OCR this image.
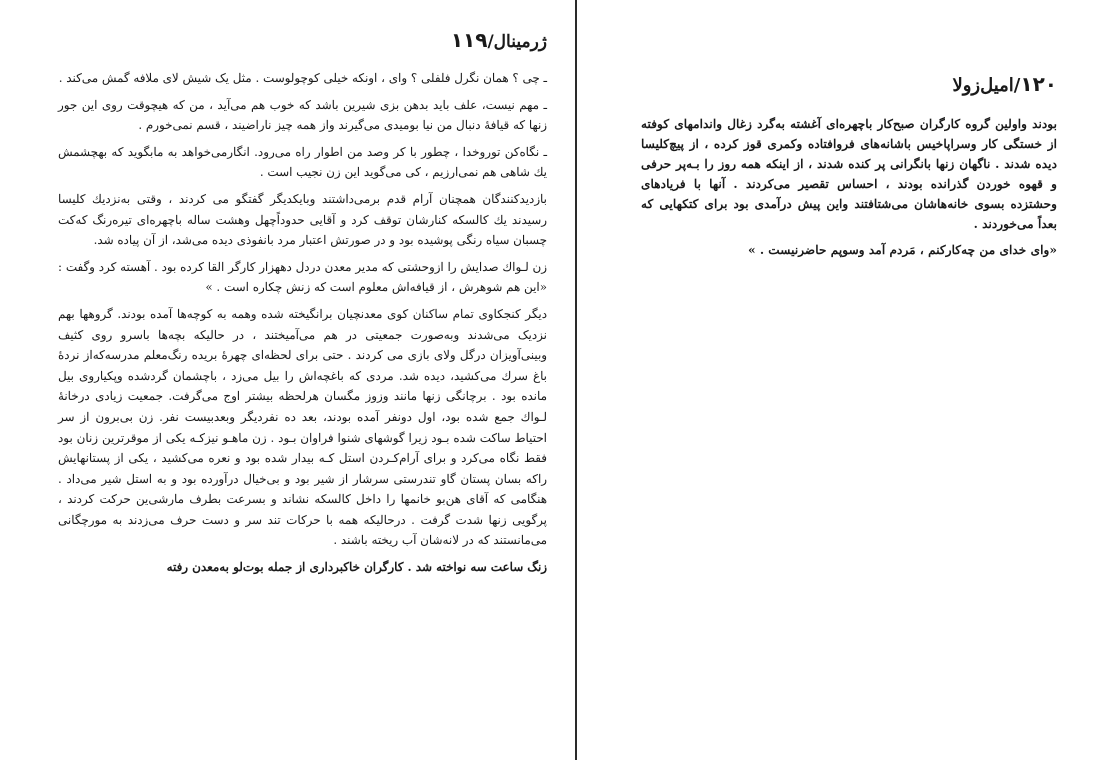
ژرمینال/۱۱۹

ـ چی ؟ همان نگرل فلفلی ؟ وای ، اونکه خیلی کوچولوست . مثل یک شیش لای ملافه گمش می‌کند .

ـ مهم نیست، علف باید بدهن بزی شیرین باشد که خوب هم می‌آید ، من که هیچوقت روی این جور زنها که قیافهٔ دنبال من نیا بومیدی می‌گیرند واز همه چیز ناراضیند ، قسم نمی‌خورم .

ـ نگاه‌کن توروخدا ، چطور با کر وصد من اطوار راه می‌رود. انگارمی‌خواهد به مابگوید که بهچشمش یك شاهی هم نمی‌ارزیم ، کی می‌گوید این زن نجیب است .

بازدیدکنندگان همچنان آرام قدم برمی‌داشتند وبایکدیگر گفتگو می کردند ، وقتی به‌نزدیك کلیسا رسیدند یك کالسکه کنارشان توقف کرد و آقایی حدوداًچهل وهشت ساله باچهره‌ای تیره‌رنگ که‌کت چسبان سیاه رنگی پوشیده بود و در صورتش اعتبار مرد بانفوذی دیده می‌شد، از آن پیاده شد.

زن لـواك صدایش را ازوحشتی که مدیر معدن دردل دههزار کارگر القا کرده بود . آهسته کرد وگفت : «این هم شوهرش ، از قیافه‌اش معلوم است که زنش چکاره است . »

دیگر کنجکاوی تمام ساکنان کوی معدنچیان برانگیخته شده وهمه به کوچه‌ها آمده بودند. گروهها بهم نزدیک می‌شدند وبه‌صورت جمعیتی در هم می‌آمیختند ، در حالیکه بچه‌ها باسرو روی کثیف وبینی‌آویزان درگل ولای بازی می کردند . حتی برای لحظه‌ای چهرهٔ بریده رنگ‌معلم مدرسه‌که‌از نردهٔ باغ سرك می‌کشید، دیده شد. مردی که باغچه‌اش را بیل می‌زد ، باچشمان گردشده وپکیاروی بیل مانده بود . برچانگی زنها مانند وزوز مگسان هرلحظه بیشتر اوج می‌گرفت. جمعیت زیادی درخانهٔ لـواك جمع شده بود، اول دونفر آمده بودند، بعد ده نفردیگر وبعدبیست نفر. زن بی‌برون از سر احتیاط ساکت شده بـود زیرا گوشهای شنوا فراوان بـود . زن ماهـو نیزکـه یکی از موقرترین زنان بود فقط نگاه می‌کرد و برای آرام‌کـردن استل کـه بیدار شده بود و نعره می‌کشید ، یکی از پستانهایش راکه بسان پستان گاو تندرستی سرشار از شیر بود و بی‌خیال درآورده بود و به استل شیر می‌داد . هنگامی که آقای هن‌بو خانمها را داخل کالسکه نشاند و بسرعت بطرف مارشی‌ین حرکت کردند ، پرگویی زنها شدت گرفت . درحالیکه همه با حرکات تند سر و دست حرف می‌زدند به مورچگانی می‌مانستند که در لانه‌شان آب ریخته باشند .

زنگ ساعت سه نواخته شد . کارگران خاکبرداری از جمله بوت‌لو به‌معدن رفته

۱۲۰/امیل‌زولا

بودند واولین گروه کارگران صبح‌کار باچهره‌ای آغشته به‌گرد زغال واندامهای کوفته از خستگی کار وسراپاخیس باشانه‌های فروافتاده وکمری قوز کرده ، از پیچ‌کلیسا دیده شدند . ناگهان زنها بانگرانی پر کنده شدند ، از اینکه همه روز را بـه‌پر حرفی و قهوه خوردن گذرانده بودند ، احساس تقصیر می‌کردند . آنها با فریادهای وحشتزده بسوی خانه‌هاشان می‌شتافتند واین پیش درآمدی بود برای کتکهایی که بعداً می‌خوردند .

«وای خدای من چه‌کارکنم ، مَردم آمد وسوپم حاضرنیست . »
